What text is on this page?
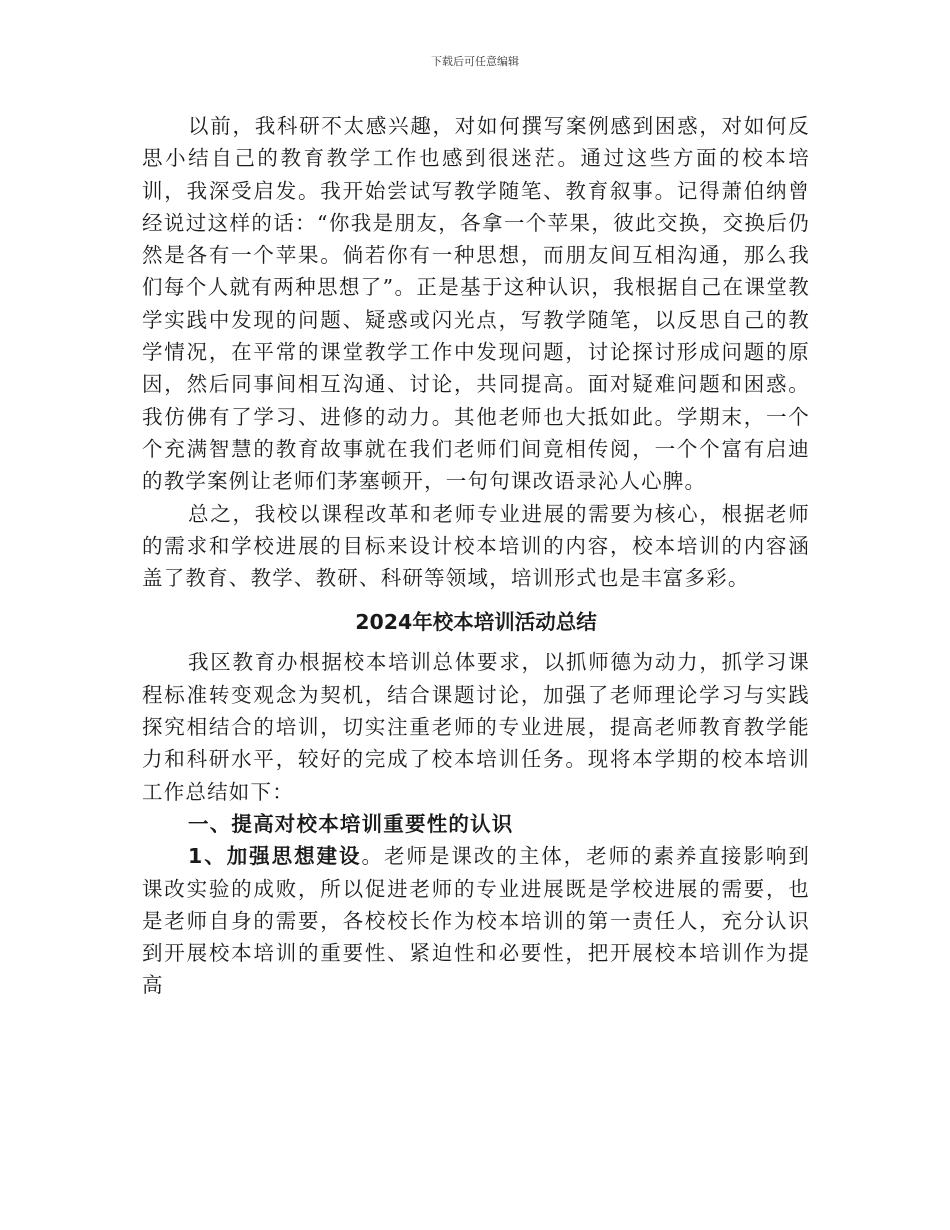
下载后可任意编辑

以前，我科研不太感兴趣，对如何撰写案例感到困惑，对如何反思小结自己的教育教学工作也感到很迷茫。通过这些方面的校本培训，我深受启发。我开始尝试写教学随笔、教育叙事。记得萧伯纳曾经说过这样的话：“你我是朋友，各拿一个苹果，彼此交换，交换后仍然是各有一个苹果。倘若你有一种思想，而朋友间互相沟通，那么我们每个人就有两种思想了”。正是基于这种认识，我根据自己在课堂教学实践中发现的问题、疑惑或闪光点，写教学随笔，以反思自己的教学情况，在平常的课堂教学工作中发现问题，讨论探讨形成问题的原因，然后同事间相互沟通、讨论，共同提高。面对疑难问题和困惑。我仿佛有了学习、进修的动力。其他老师也大抵如此。学期末，一个个充满智慧的教育故事就在我们老师们间竟相传阅，一个个富有启迪的教学案例让老师们茅塞顿开，一句句课改语录沁人心脾。

总之，我校以课程改革和老师专业进展的需要为核心，根据老师的需求和学校进展的目标来设计校本培训的内容，校本培训的内容涵盖了教育、教学、教研、科研等领域，培训形式也是丰富多彩。

2024年校本培训活动总结

我区教育办根据校本培训总体要求，以抓师德为动力，抓学习课程标准转变观念为契机，结合课题讨论，加强了老师理论学习与实践探究相结合的培训，切实注重老师的专业进展，提高老师教育教学能力和科研水平，较好的完成了校本培训任务。现将本学期的校本培训工作总结如下：

一、提高对校本培训重要性的认识

1、加强思想建设。老师是课改的主体，老师的素养直接影响到课改实验的成败，所以促进老师的专业进展既是学校进展的需要，也是老师自身的需要，各校校长作为校本培训的第一责任人，充分认识到开展校本培训的重要性、紧迫性和必要性，把开展校本培训作为提高
